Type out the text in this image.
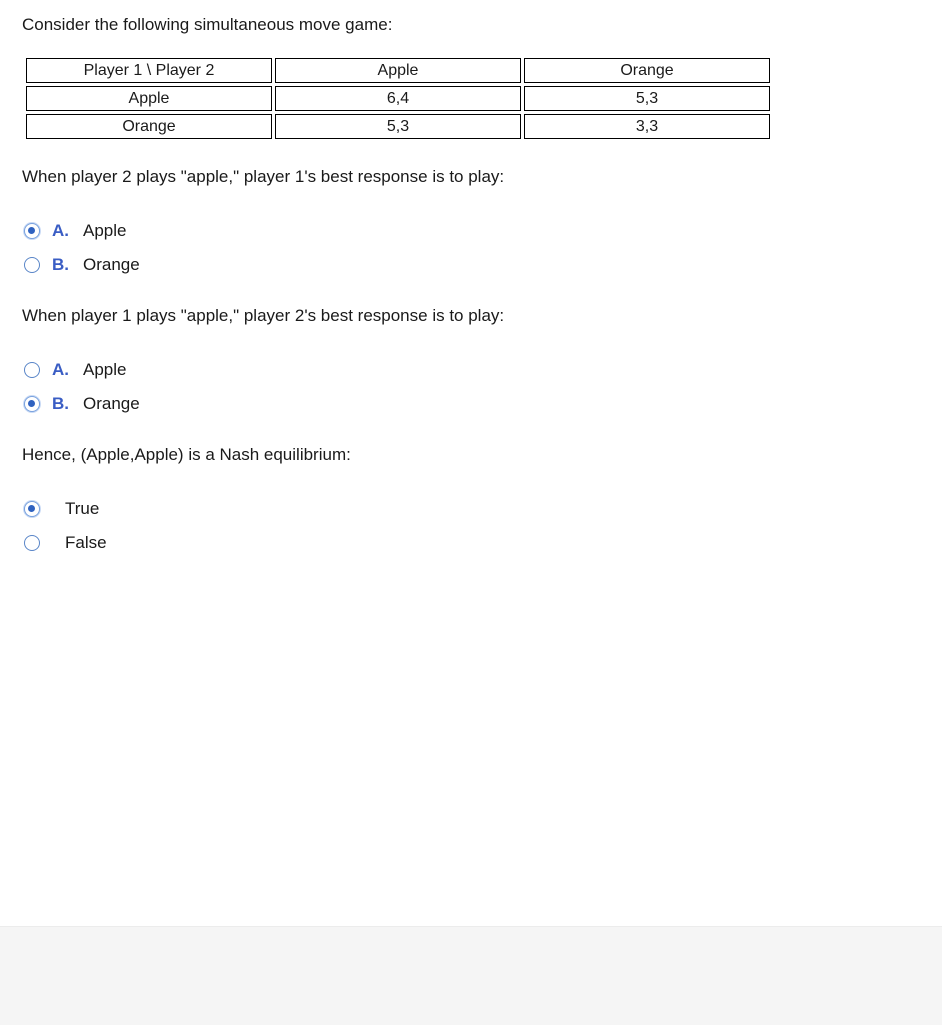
Consider the following simultaneous move game:
Player 1 \ Player 2	Apple	Orange
Apple	6,4	5,3
Orange	5,3	3,3
When player 2 plays "apple," player 1's best response is to play:
A. Apple
B. Orange
When player 1 plays "apple," player 2's best response is to play:
A. Apple
B. Orange
Hence, (Apple,Apple) is a Nash equilibrium:
True
False
